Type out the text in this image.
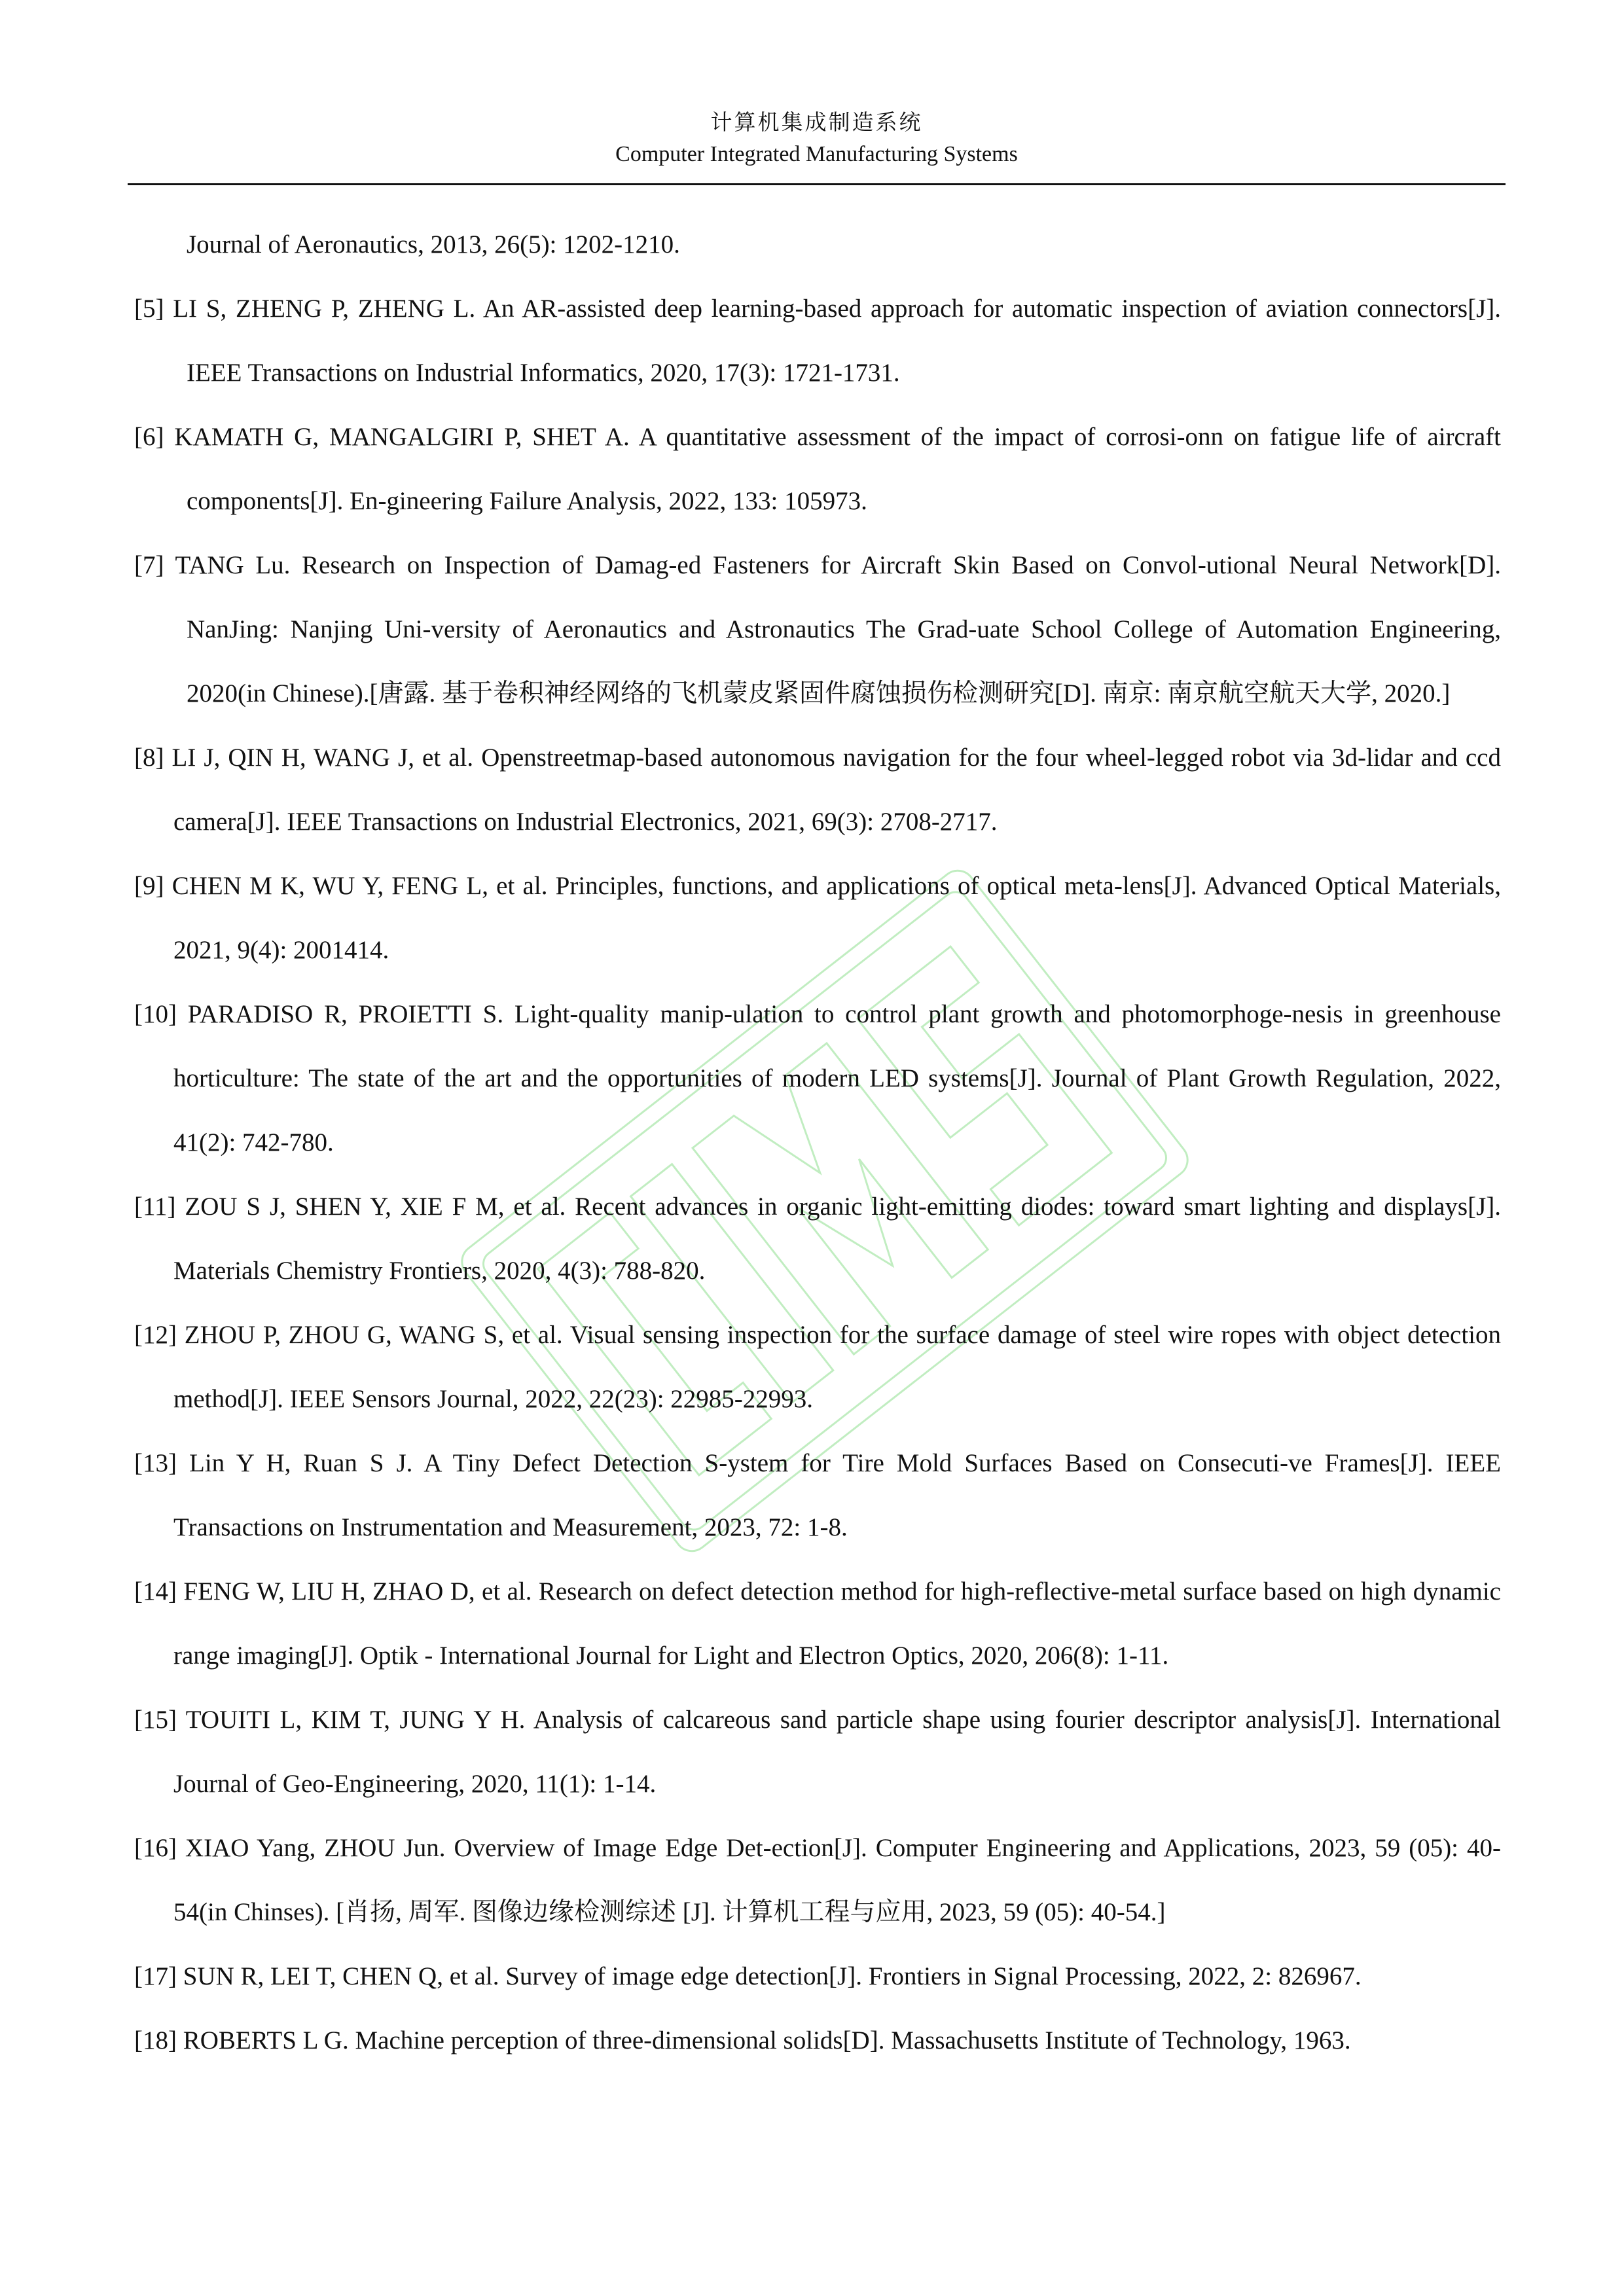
计算机集成制造系统
Computer Integrated Manufacturing Systems
Journal of Aeronautics, 2013, 26(5): 1202-1210.
[5] LI S, ZHENG P, ZHENG L. An AR-assisted deep learning-based approach for automatic inspection of aviation connectors[J]. IEEE Transactions on Industrial Informatics, 2020, 17(3): 1721-1731.
[6] KAMATH G, MANGALGIRI P, SHET A. A quantitative assessment of the impact of corrosi-onn on fatigue life of aircraft components[J]. En-gineering Failure Analysis, 2022, 133: 105973.
[7] TANG Lu. Research on Inspection of Damag-ed Fasteners for Aircraft Skin Based on Convol-utional Neural Network[D]. NanJing: Nanjing Uni-versity of Aeronautics and Astronautics The Grad-uate School College of Automation Engineering, 2020(in Chinese).[唐露. 基于卷积神经网络的飞机蒙皮紧固件腐蚀损伤检测研究[D]. 南京: 南京航空航天大学, 2020.]
[8] LI J, QIN H, WANG J, et al. Openstreetmap-based autonomous navigation for the four wheel-legged robot via 3d-lidar and ccd camera[J]. IEEE Transactions on Industrial Electronics, 2021, 69(3): 2708-2717.
[9] CHEN M K, WU Y, FENG L, et al. Principles, functions, and applications of optical meta-lens[J]. Advanced Optical Materials, 2021, 9(4): 2001414.
[10] PARADISO R, PROIETTI S. Light-quality manip-ulation to control plant growth and photomorphoge-nesis in greenhouse horticulture: The state of the art and the opportunities of modern LED systems[J]. Journal of Plant Growth Regulation, 2022, 41(2): 742-780.
[11] ZOU S J, SHEN Y, XIE F M, et al. Recent advances in organic light-emitting diodes: toward smart lighting and displays[J]. Materials Chemistry Frontiers, 2020, 4(3): 788-820.
[12] ZHOU P, ZHOU G, WANG S, et al. Visual sensing inspection for the surface damage of steel wire ropes with object detection method[J]. IEEE Sensors Journal, 2022, 22(23): 22985-22993.
[13] Lin Y H, Ruan S J. A Tiny Defect Detection S-ystem for Tire Mold Surfaces Based on Consecuti-ve Frames[J]. IEEE Transactions on Instrumentation and Measurement, 2023, 72: 1-8.
[14] FENG W, LIU H, ZHAO D, et al. Research on defect detection method for high-reflective-metal surface based on high dynamic range imaging[J]. Optik - International Journal for Light and Electron Optics, 2020, 206(8): 1-11.
[15] TOUITI L, KIM T, JUNG Y H. Analysis of calcareous sand particle shape using fourier descriptor analysis[J]. International Journal of Geo-Engineering, 2020, 11(1): 1-14.
[16] XIAO Yang, ZHOU Jun. Overview of Image Edge Det-ection[J]. Computer Engineering and Applications, 2023, 59 (05): 40-54(in Chinses). [肖扬, 周军. 图像边缘检测综述 [J]. 计算机工程与应用, 2023, 59 (05): 40-54.]
[17] SUN R, LEI T, CHEN Q, et al. Survey of image edge detection[J]. Frontiers in Signal Processing, 2022, 2: 826967.
[18] ROBERTS L G. Machine perception of three-dimensional solids[D]. Massachusetts Institute of Technology, 1963.
